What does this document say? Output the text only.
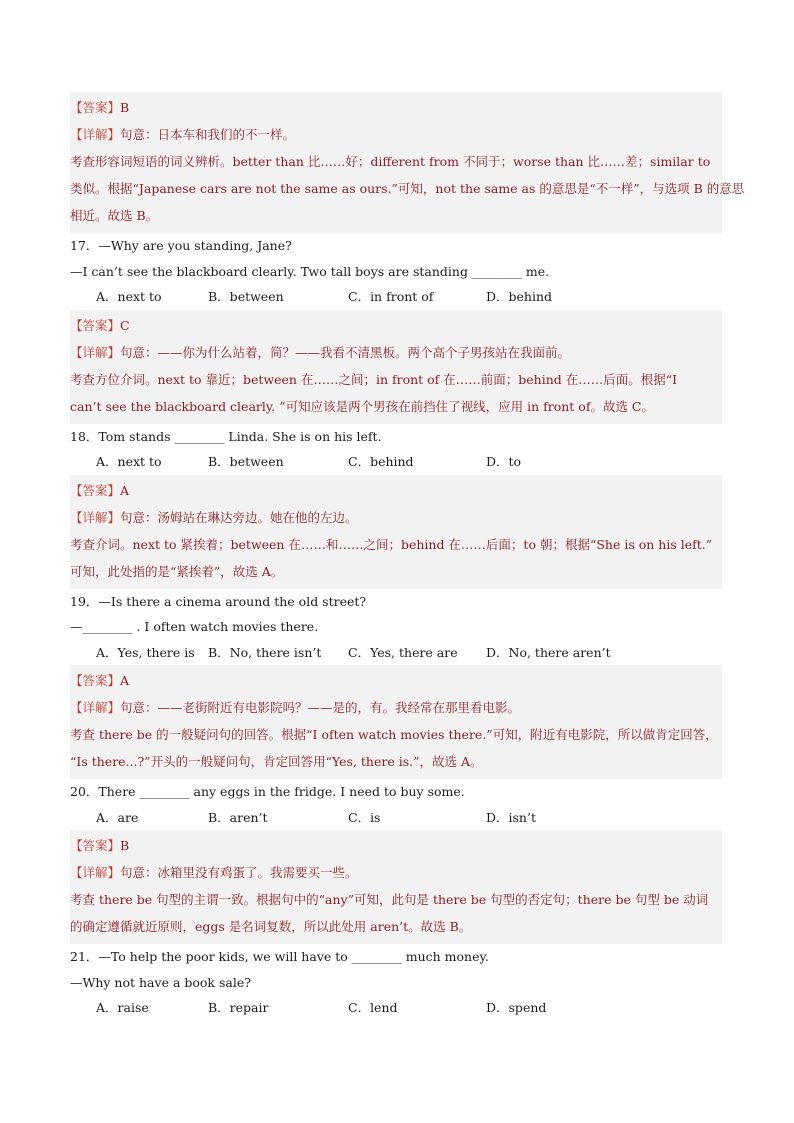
【答案】B
【详解】句意：日本车和我们的不一样。
考查形容词短语的词义辨析。better than 比……好；different from 不同于；worse than 比……差；similar to
类似。根据“Japanese cars are not the same as ours.”可知，not the same as 的意思是“不一样”，与选项 B 的意思
相近。故选 B。
17．—Why are you standing, Jane?
—I can’t see the blackboard clearly. Two tall boys are standing ________ me.
A．next to	B．between	C．in front of	D．behind
【答案】C
【详解】句意：——你为什么站着，简？——我看不清黑板。两个高个子男孩站在我面前。
考查方位介词。next to 靠近；between 在……之间；in front of 在……前面；behind 在……后面。根据“I
can’t see the blackboard clearly. ”可知应该是两个男孩在前挡住了视线，应用 in front of。故选 C。
18．Tom stands ________ Linda. She is on his left.
A．next to	B．between	C．behind	D．to
【答案】A
【详解】句意：汤姆站在琳达旁边。她在他的左边。
考查介词。next to 紧挨着；between 在……和……之间；behind 在……后面；to 朝；根据“She is on his left.”
可知，此处指的是“紧挨着”，故选 A。
19．—Is there a cinema around the old street?
—________ . I often watch movies there.
A．Yes, there is	B．No, there isn’t	C．Yes, there are	D．No, there aren’t
【答案】A
【详解】句意：——老街附近有电影院吗？——是的，有。我经常在那里看电影。
考查 there be 的一般疑问句的回答。根据“I often watch movies there.”可知，附近有电影院，所以做肯定回答，
“Is there...?”开头的一般疑问句，肯定回答用“Yes, there is.”，故选 A。
20．There ________ any eggs in the fridge. I need to buy some.
A．are	B．aren’t	C．is	D．isn’t
【答案】B
【详解】句意：冰箱里没有鸡蛋了。我需要买一些。
考查 there be 句型的主谓一致。根据句中的“any”可知，此句是 there be 句型的否定句；there be 句型 be 动词
的确定遵循就近原则，eggs 是名词复数，所以此处用 aren’t。故选 B。
21．—To help the poor kids, we will have to ________ much money.
—Why not have a book sale?
A．raise	B．repair	C．lend	D．spend
